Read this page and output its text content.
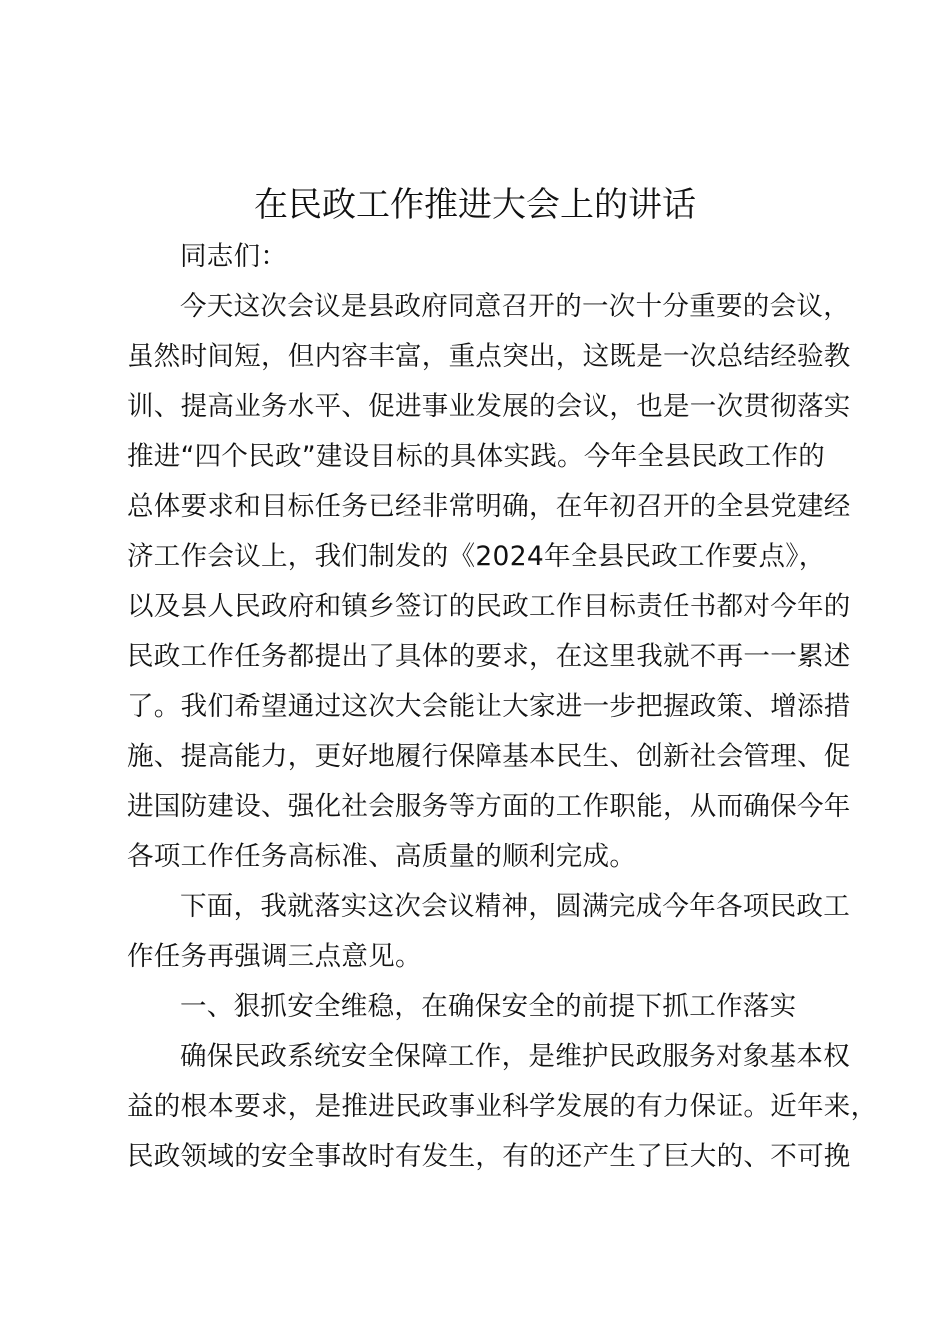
在民政工作推进大会上的讲话

同志们：

今天这次会议是县政府同意召开的一次十分重要的会议，
虽然时间短，但内容丰富，重点突出，这既是一次总结经验教
训、提高业务水平、促进事业发展的会议，也是一次贯彻落实
推进“四个民政”建设目标的具体实践。今年全县民政工作的
总体要求和目标任务已经非常明确，在年初召开的全县党建经
济工作会议上，我们制发的《2024年全县民政工作要点》，
以及县人民政府和镇乡签订的民政工作目标责任书都对今年的
民政工作任务都提出了具体的要求，在这里我就不再一一累述
了。我们希望通过这次大会能让大家进一步把握政策、增添措
施、提高能力，更好地履行保障基本民生、创新社会管理、促
进国防建设、强化社会服务等方面的工作职能，从而确保今年
各项工作任务高标准、高质量的顺利完成。

下面，我就落实这次会议精神，圆满完成今年各项民政工
作任务再强调三点意见。

一、狠抓安全维稳，在确保安全的前提下抓工作落实

确保民政系统安全保障工作，是维护民政服务对象基本权
益的根本要求，是推进民政事业科学发展的有力保证。近年来，
民政领域的安全事故时有发生，有的还产生了巨大的、不可挽
